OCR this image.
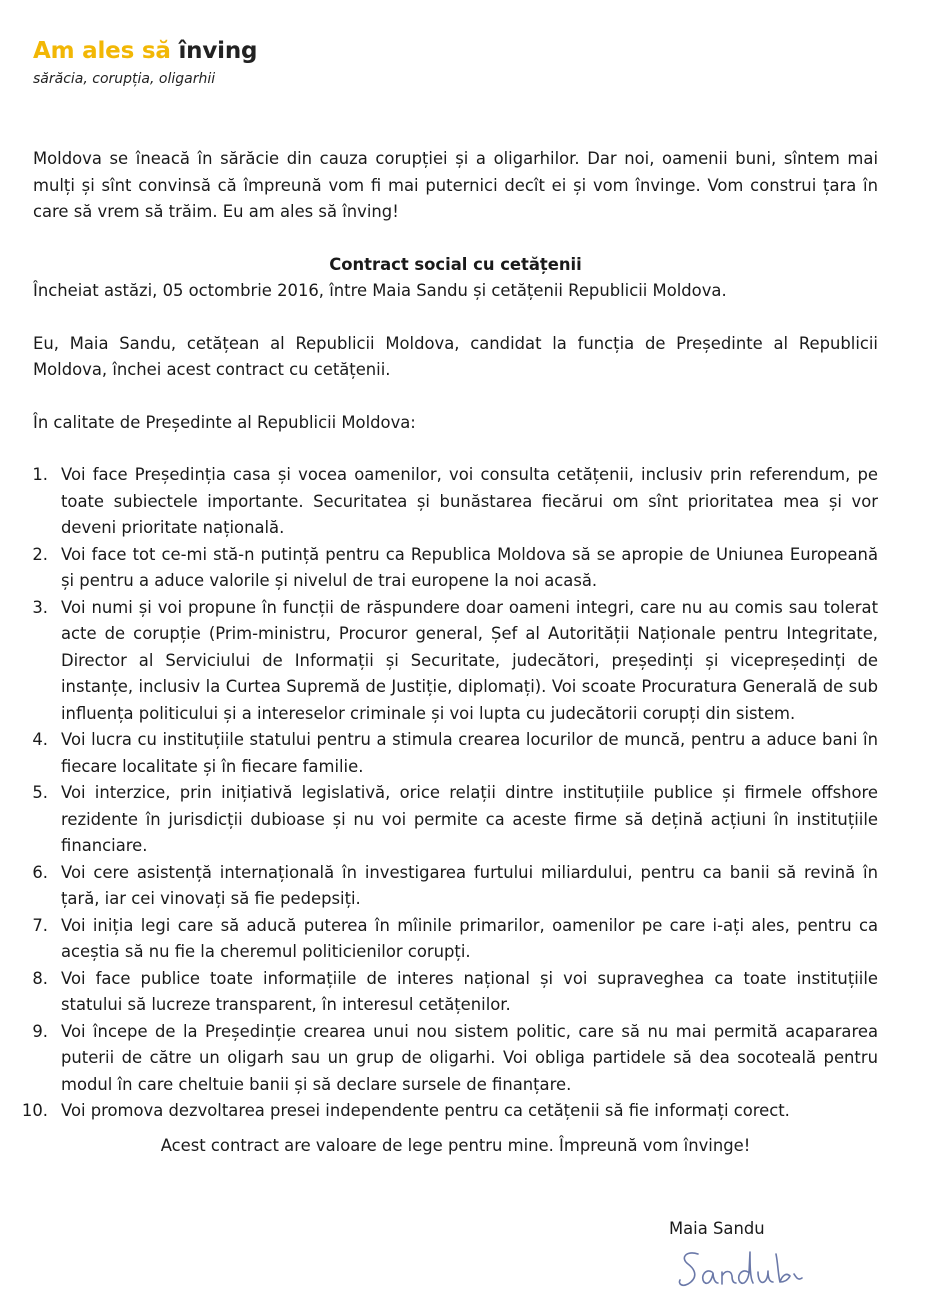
Am ales să înving
sărăcia, corupția, oligarhii

Moldova se îneacă în sărăcie din cauza corupției și a oligarhilor. Dar noi, oamenii buni, sîntem mai mulți și sînt convinsă că împreună vom fi mai puternici decît ei și vom învinge. Vom construi țara în care să vrem să trăim. Eu am ales să înving!

Contract social cu cetățenii

Încheiat astăzi, 05 octombrie 2016, între Maia Sandu și cetățenii Republicii Moldova.

Eu, Maia Sandu, cetățean al Republicii Moldova, candidat la funcția de Președinte al Republicii Moldova, închei acest contract cu cetățenii.

În calitate de Președinte al Republicii Moldova:

1. Voi face Președinția casa și vocea oamenilor, voi consulta cetățenii, inclusiv prin referendum, pe toate subiectele importante. Securitatea și bunăstarea fiecărui om sînt prioritatea mea și vor deveni prioritate națională.
2. Voi face tot ce-mi stă-n putință pentru ca Republica Moldova să se apropie de Uniunea Europeană și pentru a aduce valorile și nivelul de trai europene la noi acasă.
3. Voi numi și voi propune în funcții de răspundere doar oameni integri, care nu au comis sau tolerat acte de corupție (Prim-ministru, Procuror general, Șef al Autorității Naționale pentru Integritate, Director al Serviciului de Informații și Securitate, judecători, președinți și vicepreședinți de instanțe, inclusiv la Curtea Supremă de Justiție, diplomați). Voi scoate Procuratura Generală de sub influența politicului și a intereselor criminale și voi lupta cu judecătorii corupți din sistem.
4. Voi lucra cu instituțiile statului pentru a stimula crearea locurilor de muncă, pentru a aduce bani în fiecare localitate și în fiecare familie.
5. Voi interzice, prin inițiativă legislativă, orice relații dintre instituțiile publice și firmele offshore rezidente în jurisdicții dubioase și nu voi permite ca aceste firme să dețină acțiuni în instituțiile financiare.
6. Voi cere asistență internațională în investigarea furtului miliardului, pentru ca banii să revină în țară, iar cei vinovați să fie pedepsiți.
7. Voi iniția legi care să aducă puterea în mîinile primarilor, oamenilor pe care i-ați ales, pentru ca aceștia să nu fie la cheremul politicienilor corupți.
8. Voi face publice toate informațiile de interes național și voi supraveghea ca toate instituțiile statului să lucreze transparent, în interesul cetățenilor.
9. Voi începe de la Președinție crearea unui nou sistem politic, care să nu mai permită acapararea puterii de către un oligarh sau un grup de oligarhi. Voi obliga partidele să dea socoteală pentru modul în care cheltuie banii și să declare sursele de finanțare.
10. Voi promova dezvoltarea presei independente pentru ca cetățenii să fie informați corect.

Acest contract are valoare de lege pentru mine. Împreună vom învinge!

Maia Sandu
